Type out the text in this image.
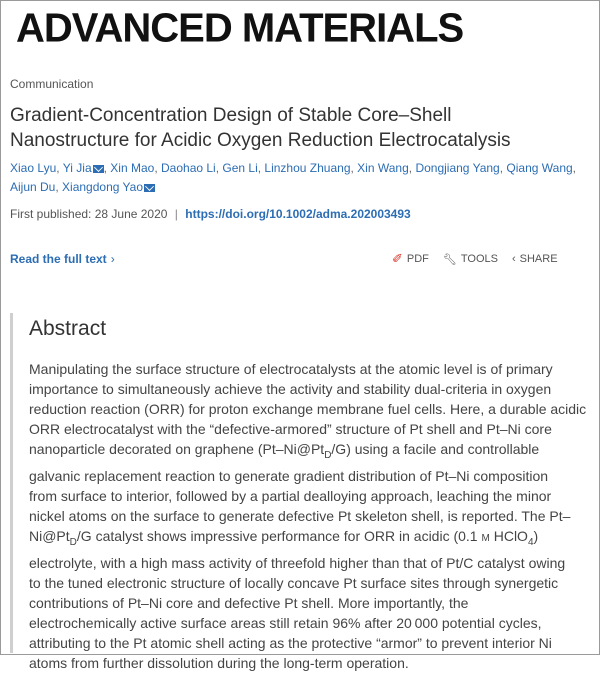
ADVANCED MATERIALS
Communication
Gradient-Concentration Design of Stable Core–Shell
Nanostructure for Acidic Oxygen Reduction Electrocatalysis
Xiao Lyu, Yi Jia , Xin Mao, Daohao Li, Gen Li, Linzhou Zhuang, Xin Wang, Dongjiang Yang, Qiang Wang, Aijun Du, Xiangdong Yao
First published: 28 June 2020 | https://doi.org/10.1002/adma.202003493
Read the full text ›	✐ PDF 🔧︎ TOOLS ‹ SHARE
Abstract
Manipulating the surface structure of electrocatalysts at the atomic level is of primary
importance to simultaneously achieve the activity and stability dual-criteria in oxygen
reduction reaction (ORR) for proton exchange membrane fuel cells. Here, a durable acidic
ORR electrocatalyst with the “defective-armored” structure of Pt shell and Pt–Ni core
nanoparticle decorated on graphene $(Pt-Ni@Pt_D/G)$ using a facile and controllable
galvanic replacement reaction to generate gradient distribution of Pt–Ni composition
from surface to interior, followed by a partial dealloying approach, leaching the minor
nickel atoms on the surface to generate defective Pt skeleton shell, is reported. The Pt–
$Ni@Pt_D/G$ catalyst shows impressive performance for ORR in acidic (0.1 M HClO$_4$)
electrolyte, with a high mass activity of threefold higher than that of Pt/C catalyst owing
to the tuned electronic structure of locally concave Pt surface sites through synergetic
contributions of Pt–Ni core and defective Pt shell. More importantly, the
electrochemically active surface areas still retain 96% after 20 000 potential cycles,
attributing to the Pt atomic shell acting as the protective “armor” to prevent interior Ni
atoms from further dissolution during the long-term operation.
